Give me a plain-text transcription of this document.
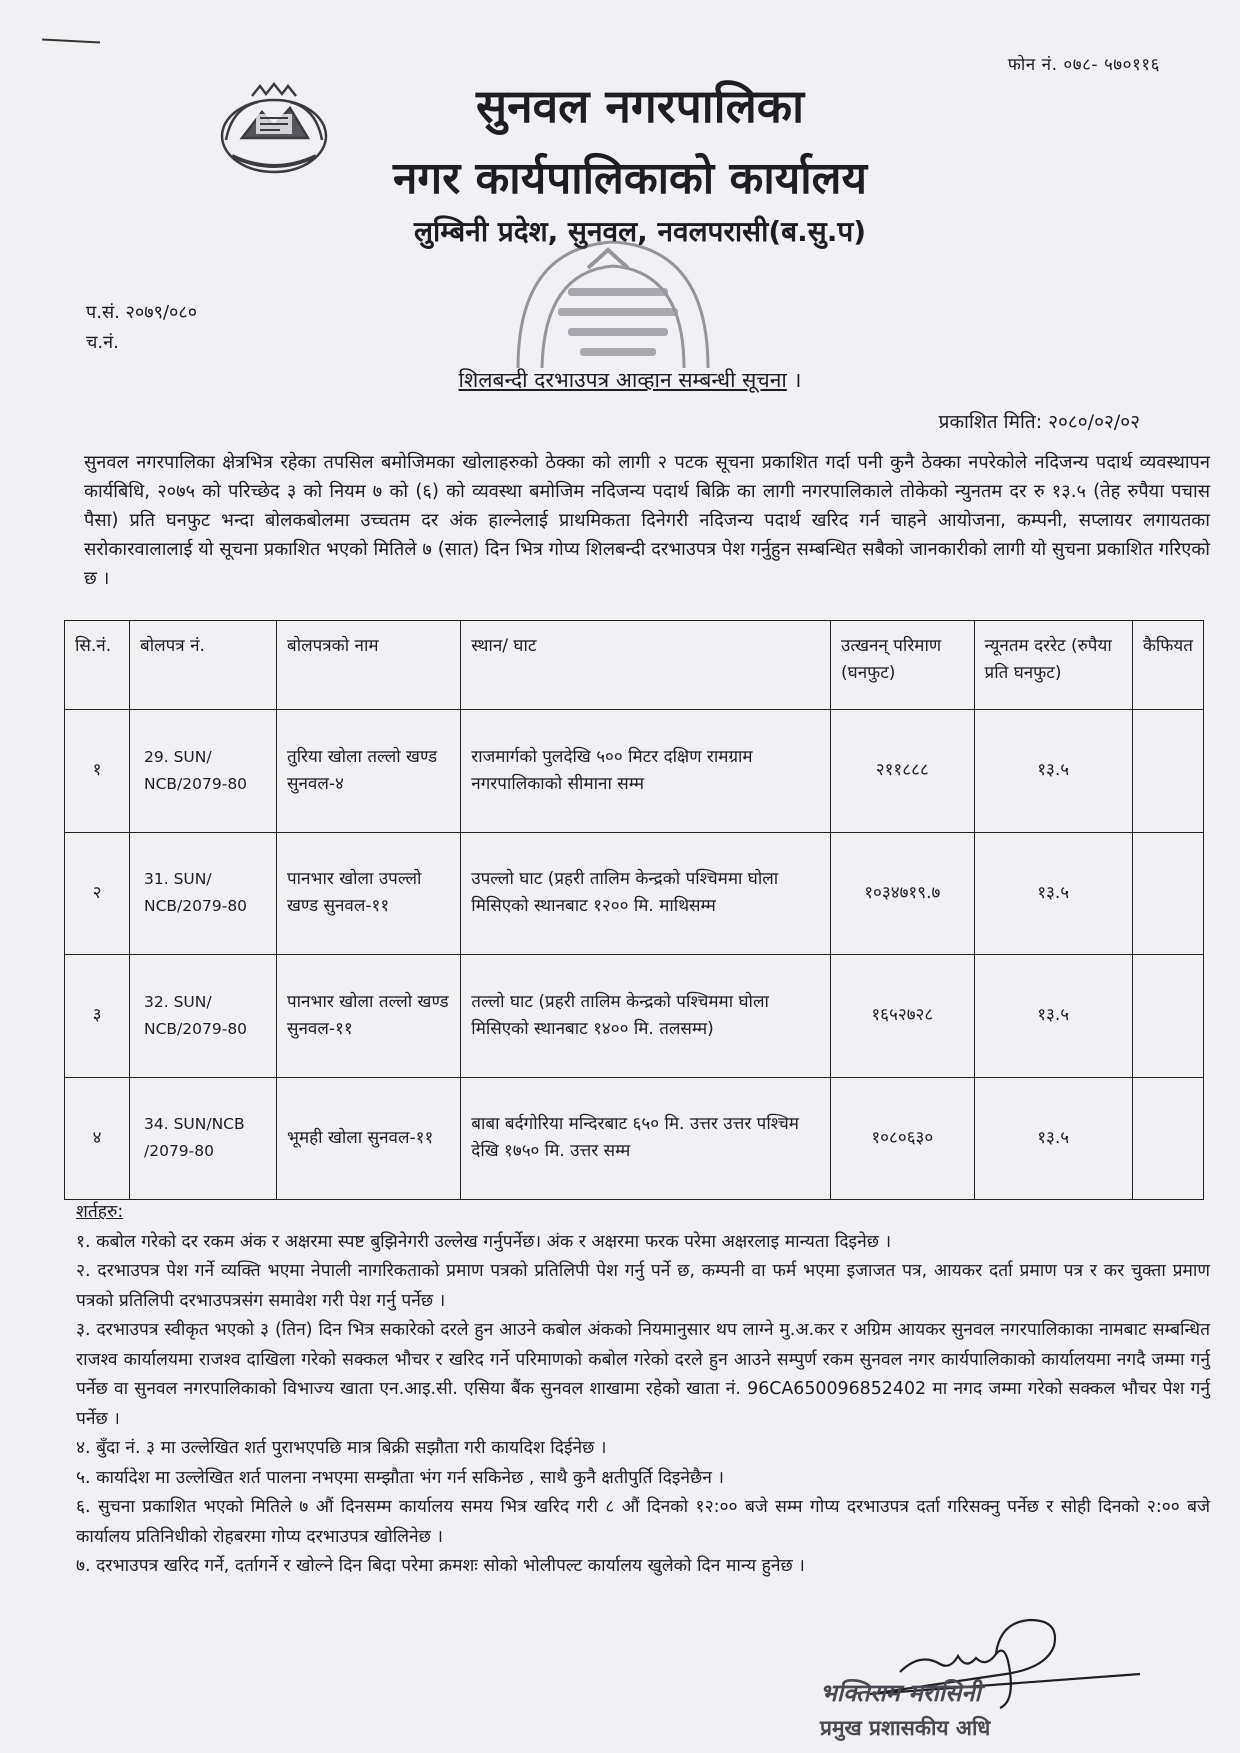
फोन नं. ०७८- ५७०११६
सुनवल नगरपालिका
नगर कार्यपालिकाको कार्यालय
लुम्बिनी प्रदेश, सुनवल, नवलपरासी(ब.सु.प)
प.सं. २०७९/०८०
च.नं.
शिलबन्दी दरभाउपत्र आव्हान सम्बन्धी सूचना ।
प्रकाशित मिति: २०८०/०२/०२
सुनवल नगरपालिका क्षेत्रभित्र रहेका तपसिल बमोजिमका खोलाहरुको ठेक्का को लागी २ पटक सूचना प्रकाशित गर्दा पनी कुनै ठेक्का नपरेकोले नदिजन्य पदार्थ व्यवस्थापन कार्यबिधि, २०७५ को परिच्छेद ३ को नियम ७ को (६) को व्यवस्था बमोजिम नदिजन्य पदार्थ बिक्रि का लागी नगरपालिकाले तोकेको न्युनतम दर रु १३.५ (तेह रुपैया पचास पैसा) प्रति घनफुट भन्दा बोलकबोलमा उच्चतम दर अंक हाल्नेलाई प्राथमिकता दिनेगरी नदिजन्य पदार्थ खरिद गर्न चाहने आयोजना, कम्पनी, सप्लायर लगायतका सरोकारवालालाई यो सूचना प्रकाशित भएको मितिले ७ (सात) दिन भित्र गोप्य शिलबन्दी दरभाउपत्र पेश गर्नुहुन सम्बन्धित सबैको जानकारीको लागी यो सुचना प्रकाशित गरिएको छ ।
सि.नं.	बोलपत्र नं.	बोलपत्रको नाम	स्थान/ घाट	उत्खनन् परिमाण (घनफुट)	न्यूनतम दररेट (रुपैया प्रति घनफुट)	कैफियत
१	29. SUN/ NCB/2079-80	तुरिया खोला तल्लो खण्ड सुनवल-४	राजमार्गको पुलदेखि ५०० मिटर दक्षिण रामग्राम नगरपालिकाको सीमाना सम्म	२११८८८	१३.५	
२	31. SUN/ NCB/2079-80	पानभार खोला उपल्लो खण्ड सुनवल-११	उपल्लो घाट (प्रहरी तालिम केन्द्रको पश्चिममा घोला मिसिएको स्थानबाट १२०० मि. माथिसम्म	१०३४७१९.७	१३.५	
३	32. SUN/ NCB/2079-80	पानभार खोला तल्लो खण्ड सुनवल-११	तल्लो घाट (प्रहरी तालिम केन्द्रको पश्चिममा घोला मिसिएको स्थानबाट १४०० मि. तलसम्म)	१६५२७२८	१३.५	
४	34. SUN/NCB /2079-80	भूमही खोला सुनवल-११	बाबा बर्दगोरिया मन्दिरबाट ६५० मि. उत्तर उत्तर पश्चिम देखि १७५० मि. उत्तर सम्म	१०८०६३०	१३.५	
शर्तहरु:
१. कबोल गरेको दर रकम अंक र अक्षरमा स्पष्ट बुझिनेगरी उल्लेख गर्नुपर्नेछ। अंक र अक्षरमा फरक परेमा अक्षरलाइ मान्यता दिइनेछ ।
२. दरभाउपत्र पेश गर्ने व्यक्ति भएमा नेपाली नागरिकताको प्रमाण पत्रको प्रतिलिपी पेश गर्नु पर्ने छ, कम्पनी वा फर्म भएमा इजाजत पत्र, आयकर दर्ता प्रमाण पत्र र कर चुक्ता प्रमाण पत्रको प्रतिलिपी दरभाउपत्रसंग समावेश गरी पेश गर्नु पर्नेछ ।
३. दरभाउपत्र स्वीकृत भएको ३ (तिन) दिन भित्र सकारेको दरले हुन आउने कबोल अंकको नियमानुसार थप लाग्ने मु.अ.कर र अग्रिम आयकर सुनवल नगरपालिकाका नामबाट सम्बन्धित राजश्व कार्यालयमा राजश्व दाखिला गरेको सक्कल भौचर र खरिद गर्ने परिमाणको कबोल गरेको दरले हुन आउने सम्पुर्ण रकम सुनवल नगर कार्यपालिकाको कार्यालयमा नगदै जम्मा गर्नु पर्नेछ वा सुनवल नगरपालिकाको विभाज्य खाता एन.आइ.सी. एसिया बैंक सुनवल शाखामा रहेको खाता नं. 96CA650096852402 मा नगद जम्मा गरेको सक्कल भौचर पेश गर्नु पर्नेछ ।
४. बुँदा नं. ३ मा उल्लेखित शर्त पुराभएपछि मात्र बिक्री सझौता गरी कायदिश दिईनेछ ।
५. कार्यादेश मा उल्लेखित शर्त पालना नभएमा सम्झौता भंग गर्न सकिनेछ , साथै कुनै क्षतीपुर्ति दिइनेछैन ।
६. सुचना प्रकाशित भएको मितिले ७ औं दिनसम्म कार्यालय समय भित्र खरिद गरी ८ औं दिनको १२:०० बजे सम्म गोप्य दरभाउपत्र दर्ता गरिसक्नु पर्नेछ र सोही दिनको २:०० बजे कार्यालय प्रतिनिधीको रोहबरमा गोप्य दरभाउपत्र खोलिनेछ ।
७. दरभाउपत्र खरिद गर्ने, दर्तागर्ने र खोल्ने दिन बिदा परेमा क्रमशः सोको भोलीपल्ट कार्यालय खुलेको दिन मान्य हुनेछ ।
भक्तिराम मरासिनी
प्रमुख प्रशासकीय अधि
